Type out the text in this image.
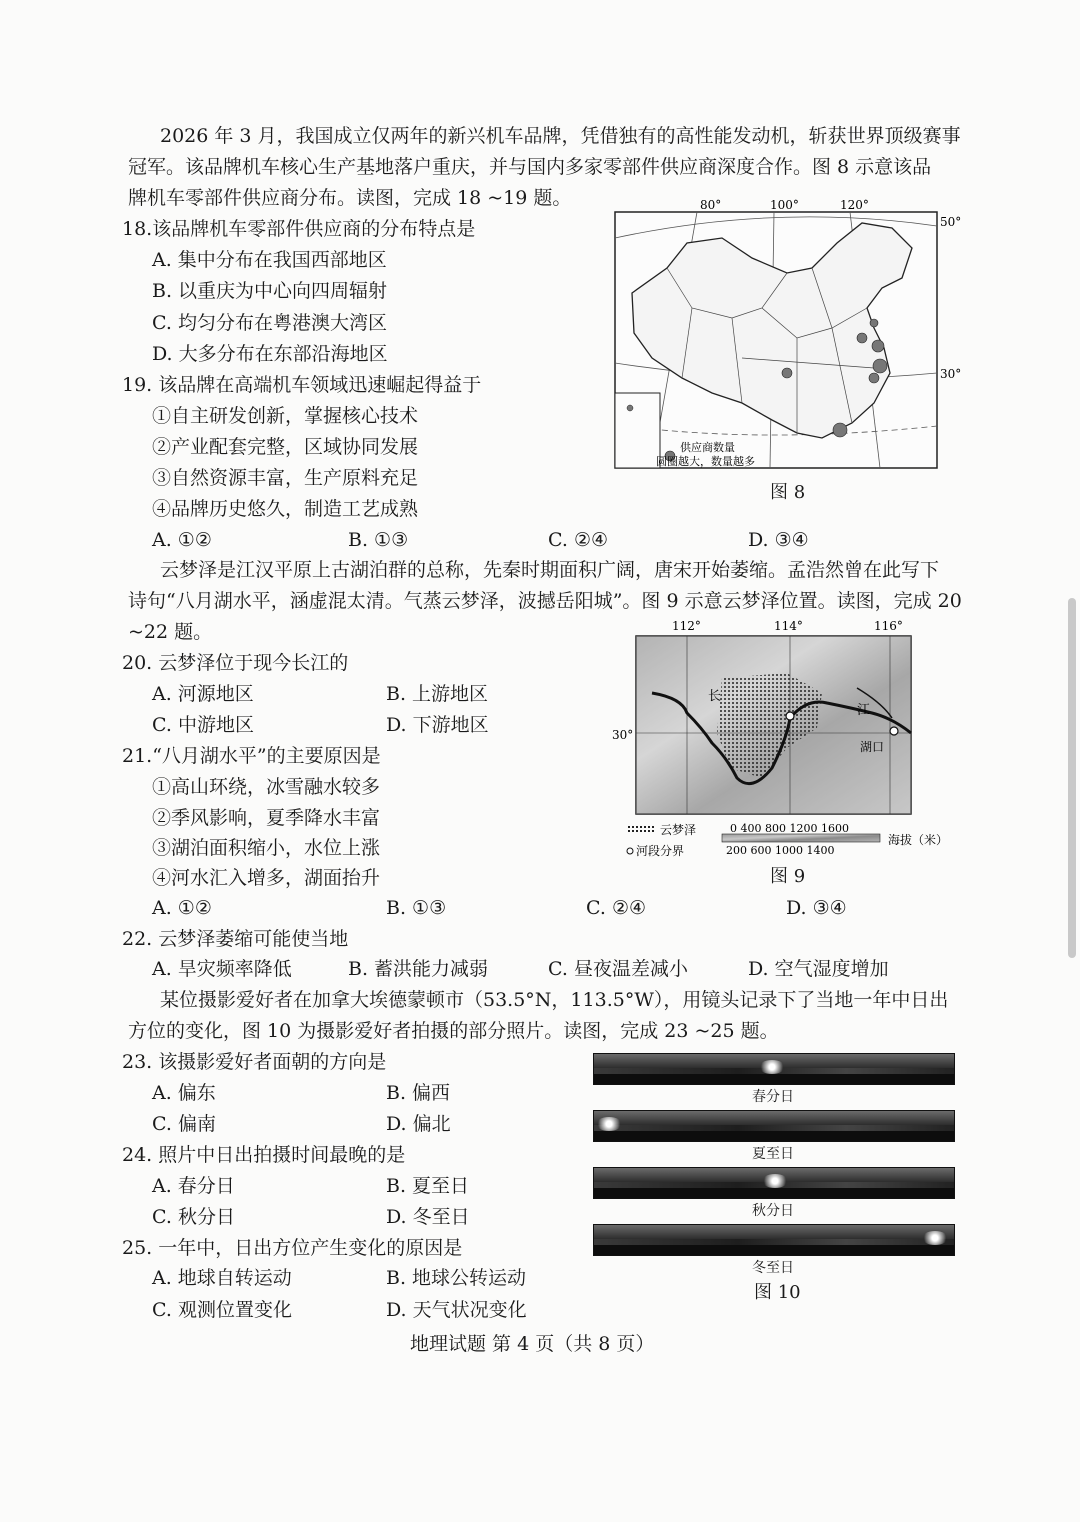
2026 年 3 月，我国成立仅两年的新兴机车品牌，凭借独有的高性能发动机，斩获世界顶级赛事
冠军。该品牌机车核心生产基地落户重庆，并与国内多家零部件供应商深度合作。图 8 示意该品
牌机车零部件供应商分布。读图，完成 18 ~19 题。
18.该品牌机车零部件供应商的分布特点是
A. 集中分布在我国西部地区
B. 以重庆为中心向四周辐射
C. 均匀分布在粤港澳大湾区
D. 大多分布在东部沿海地区
19. 该品牌在高端机车领域迅速崛起得益于
①自主研发创新，掌握核心技术
②产业配套完整，区域协同发展
③自然资源丰富，生产原料充足
④品牌历史悠久，制造工艺成熟
A. ①②	B. ①③	C. ②④	D. ③④
80°	100°	120°
50°
30°
供应商数量
圆圈越大，数量越多
图 8
云梦泽是江汉平原上古湖泊群的总称，先秦时期面积广阔，唐宋开始萎缩。孟浩然曾在此写下
诗句“八月湖水平，涵虚混太清。气蒸云梦泽，波撼岳阳城”。图 9 示意云梦泽位置。读图，完成 20
~22 题。
20. 云梦泽位于现今长江的
A. 河源地区	B. 上游地区
C. 中游地区	D. 下游地区
21.“八月湖水平”的主要原因是
①高山环绕，冰雪融水较多
②季风影响，夏季降水丰富
③湖泊面积缩小，水位上涨
④河水汇入增多，湖面抬升
A. ①②	B. ①③	C. ②④	D. ③④
112°	114°	116°
30°
长
江
湖口
云梦泽
河段分界
0 400 800 1200 1600
200 600 1000 1400
海拔（米）
图 9
22. 云梦泽萎缩可能使当地
A. 旱灾频率降低	B. 蓄洪能力减弱	C. 昼夜温差减小	D. 空气湿度增加
某位摄影爱好者在加拿大埃德蒙顿市（53.5°N，113.5°W），用镜头记录下了当地一年中日出
方位的变化，图 10 为摄影爱好者拍摄的部分照片。读图，完成 23 ~25 题。
23. 该摄影爱好者面朝的方向是
A. 偏东	B. 偏西
C. 偏南	D. 偏北
24. 照片中日出拍摄时间最晚的是
A. 春分日	B. 夏至日
C. 秋分日	D. 冬至日
25. 一年中，日出方位产生变化的原因是
A. 地球自转运动	B. 地球公转运动
C. 观测位置变化	D. 天气状况变化
春分日
夏至日
秋分日
冬至日
图 10
地理试题 第 4 页（共 8 页）
